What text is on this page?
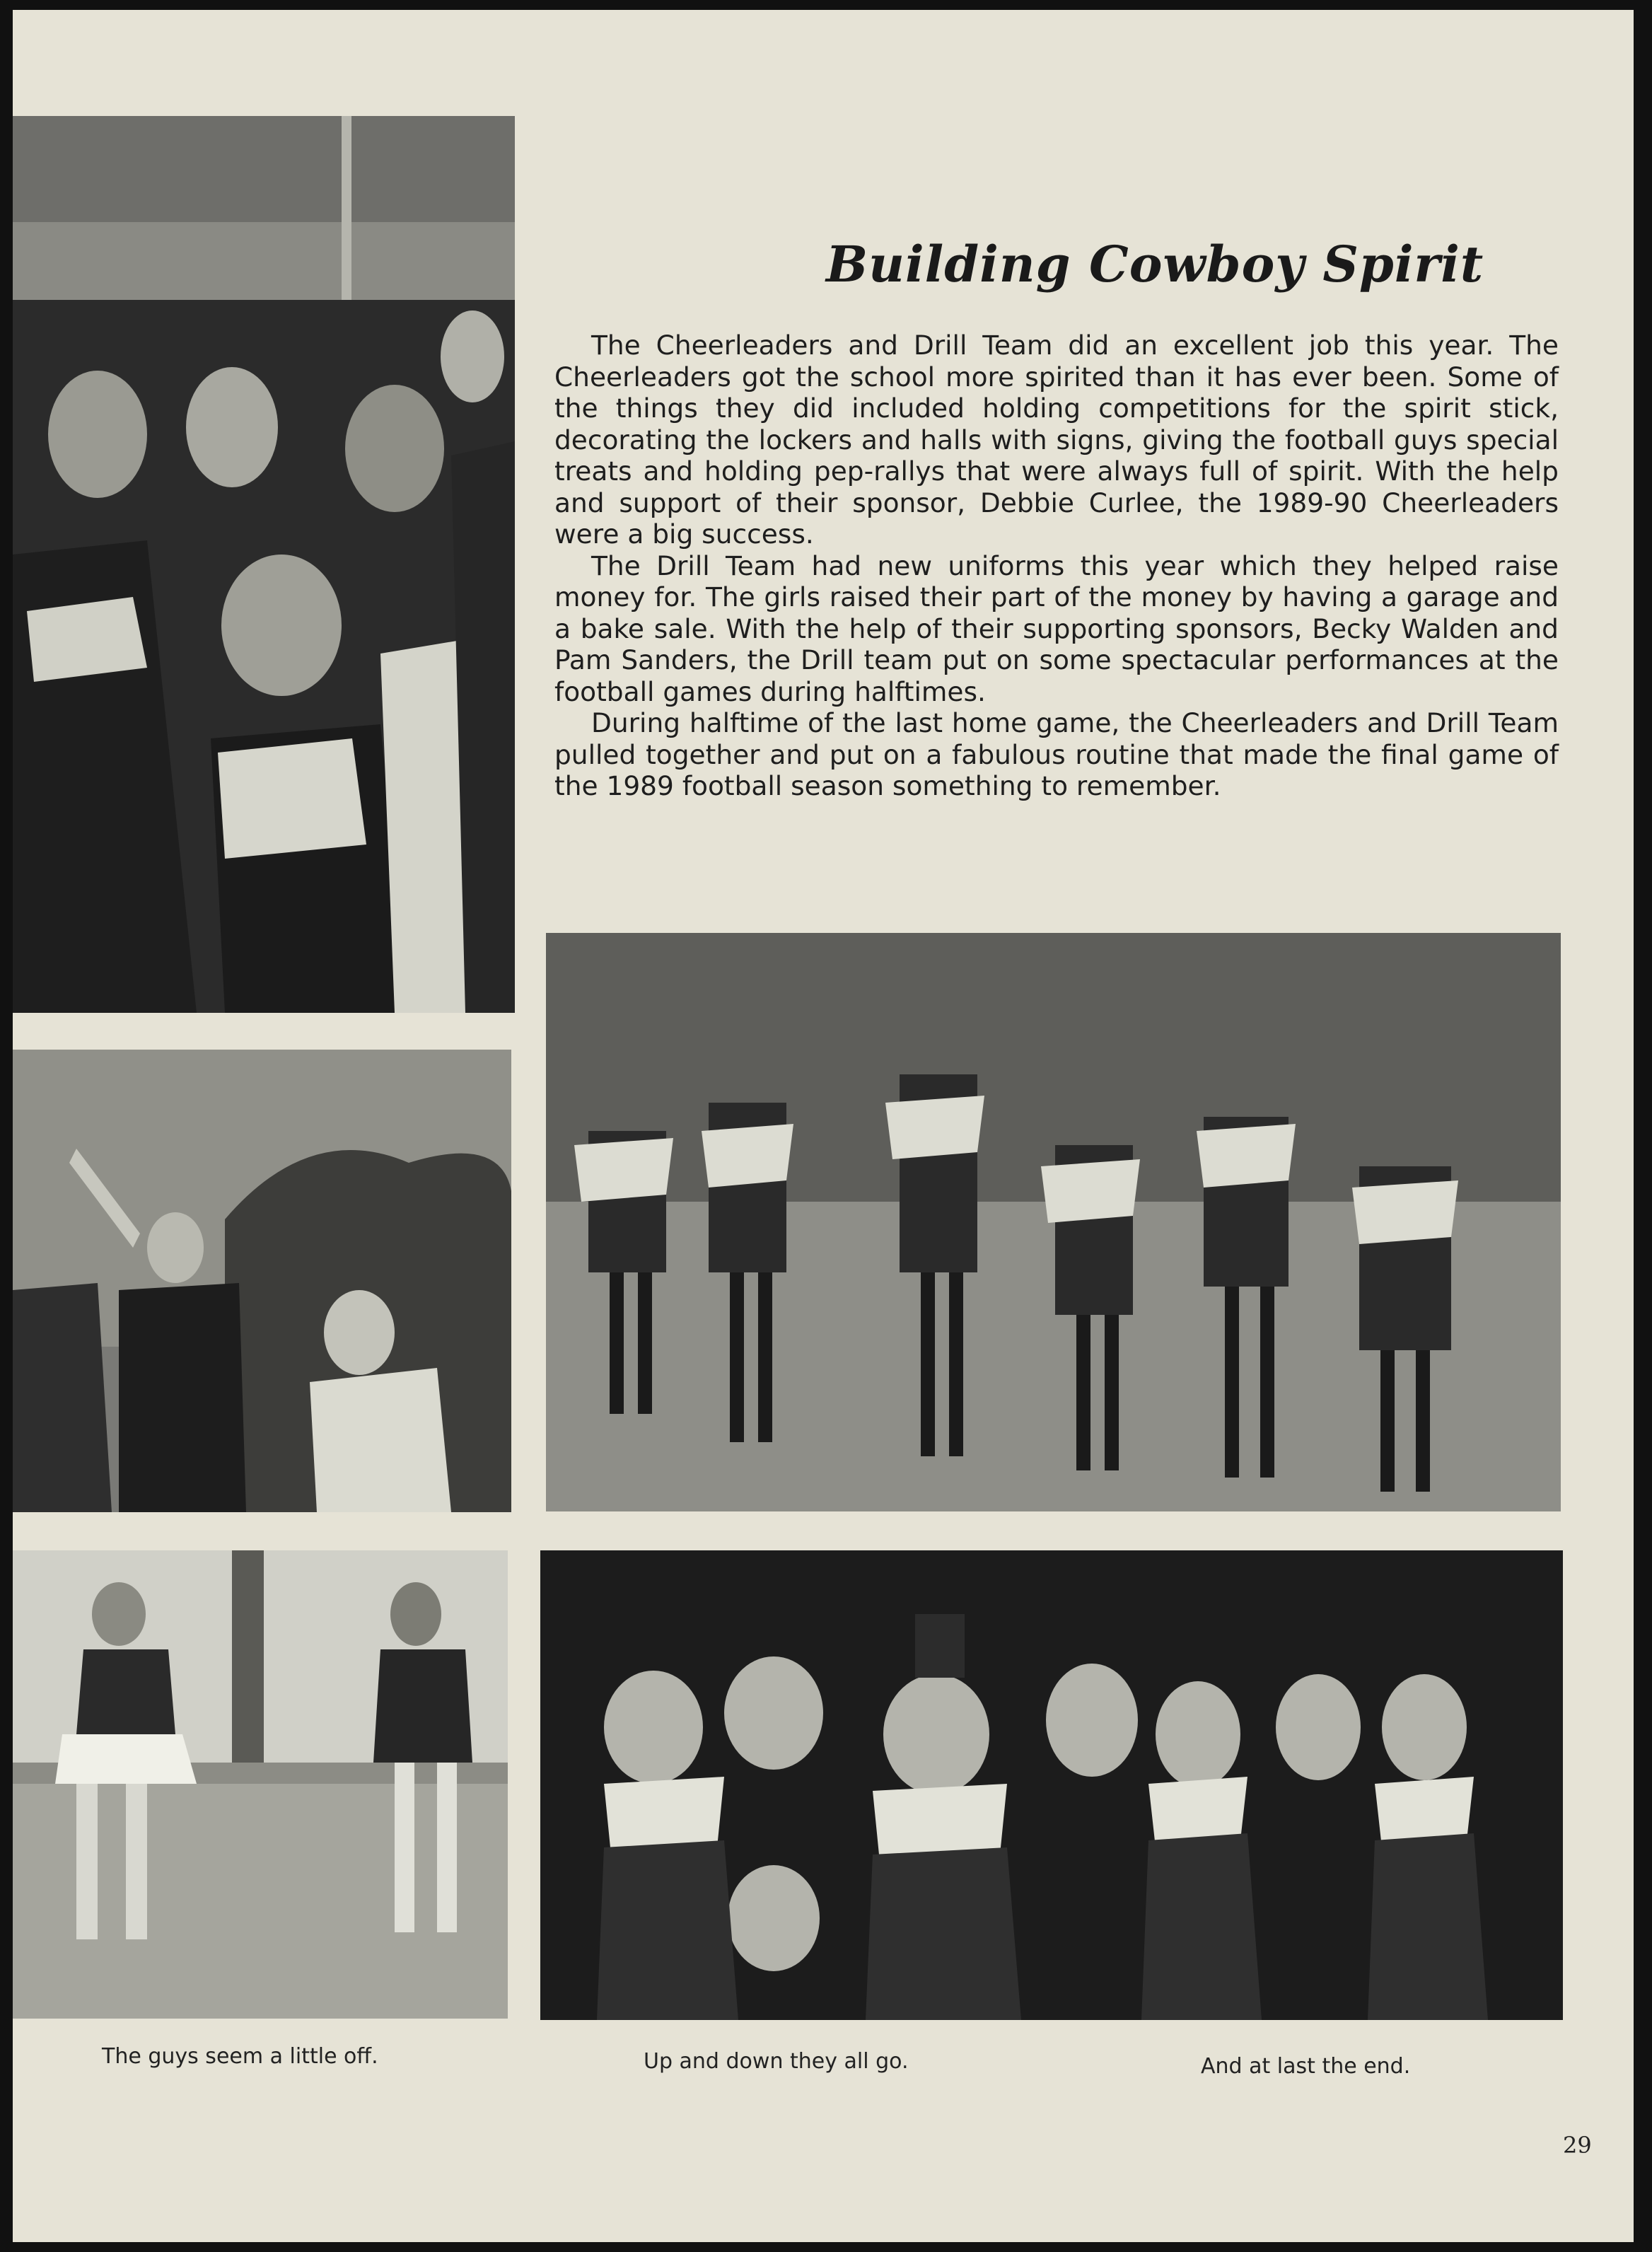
Building Cowboy Spirit

The Cheerleaders and Drill Team did an excellent job this year. The Cheerleaders got the school more spirited than it has ever been. Some of the things they did included holding competitions for the spirit stick, decorating the lockers and halls with signs, giving the football guys special treats and holding pep-rallys that were always full of spirit. With the help and support of their sponsor, Debbie Curlee, the 1989-90 Cheerleaders were a big success.

The Drill Team had new uniforms this year which they helped raise money for. The girls raised their part of the money by having a garage and a bake sale. With the help of their supporting sponsors, Becky Walden and Pam Sanders, the Drill team put on some spectacular performances at the football games during halftimes.

During halftime of the last home game, the Cheerleaders and Drill Team pulled together and put on a fabulous routine that made the final game of the 1989 football season something to remember.

The guys seem a little off.	Up and down they all go.	And at last the end.
29
